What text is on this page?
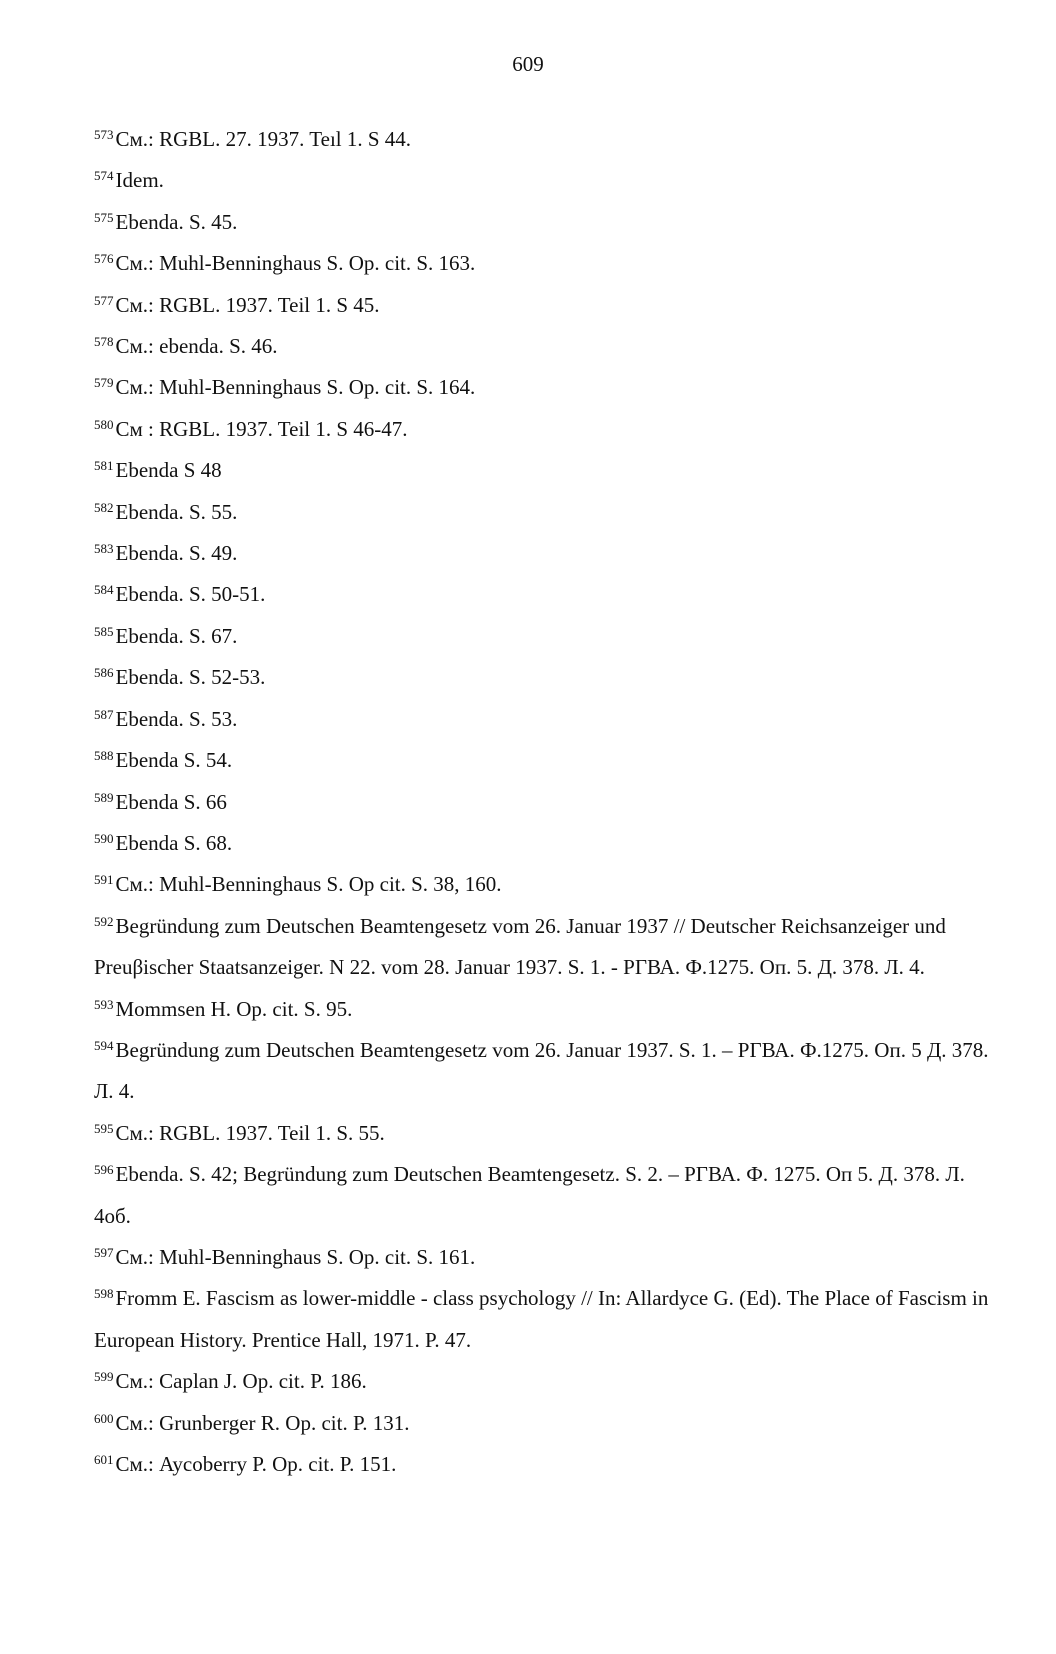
609

$^{573}$См.: RGBL. 27. 1937. Teıl 1. S 44.

$^{574}$Idem.

$^{575}$Ebenda. S. 45.

$^{576}$См.: Muhl-Benninghaus S. Op. cit. S. 163.

$^{577}$См.: RGBL. 1937. Teil 1. S 45.

$^{578}$См.: ebenda. S. 46.

$^{579}$См.: Muhl-Benninghaus S. Op. cit. S. 164.

$^{580}$См : RGBL. 1937. Teil 1. S 46-47.

$^{581}$Ebenda S 48

$^{582}$Ebenda. S. 55.

$^{583}$Ebenda. S. 49.

$^{584}$Ebenda. S. 50-51.

$^{585}$Ebenda. S. 67.

$^{586}$Ebenda. S. 52-53.

$^{587}$Ebenda. S. 53.

$^{588}$Ebenda S. 54.

$^{589}$Ebenda S. 66

$^{590}$Ebenda S. 68.

$^{591}$См.: Muhl-Benninghaus S. Op cit. S. 38, 160.

$^{592}$Begründung zum Deutschen Beamtengesetz vom 26. Januar 1937 // Deutscher Reichsanzeiger und Preuβischer Staatsanzeiger. N 22. vom 28. Januar 1937. S. 1. - РГВА. Ф.1275. Оп. 5. Д. 378. Л. 4.

$^{593}$Mommsen H. Op. cit. S. 95.

$^{594}$Begründung zum Deutschen Beamtengesetz vom 26. Januar 1937. S. 1. – РГВА. Ф.1275. Оп. 5 Д. 378. Л. 4.

$^{595}$См.: RGBL. 1937. Teil 1. S. 55.

$^{596}$Ebenda. S. 42; Begründung zum Deutschen Beamtengesetz. S. 2. – РГВА. Ф. 1275. Оп 5. Д. 378. Л. 4об.

$^{597}$См.: Muhl-Benninghaus S. Op. cit. S. 161.

$^{598}$Fromm E. Fascism as lower-middle - class psychology // In: Allardyce G. (Ed). The Place of Fascism in European History. Prentice Hall, 1971. P. 47.

$^{599}$См.: Caplan J. Op. cit. P. 186.

$^{600}$См.: Grunberger R. Op. cit. P. 131.

$^{601}$См.: Aycoberry P. Op. cit. P. 151.
